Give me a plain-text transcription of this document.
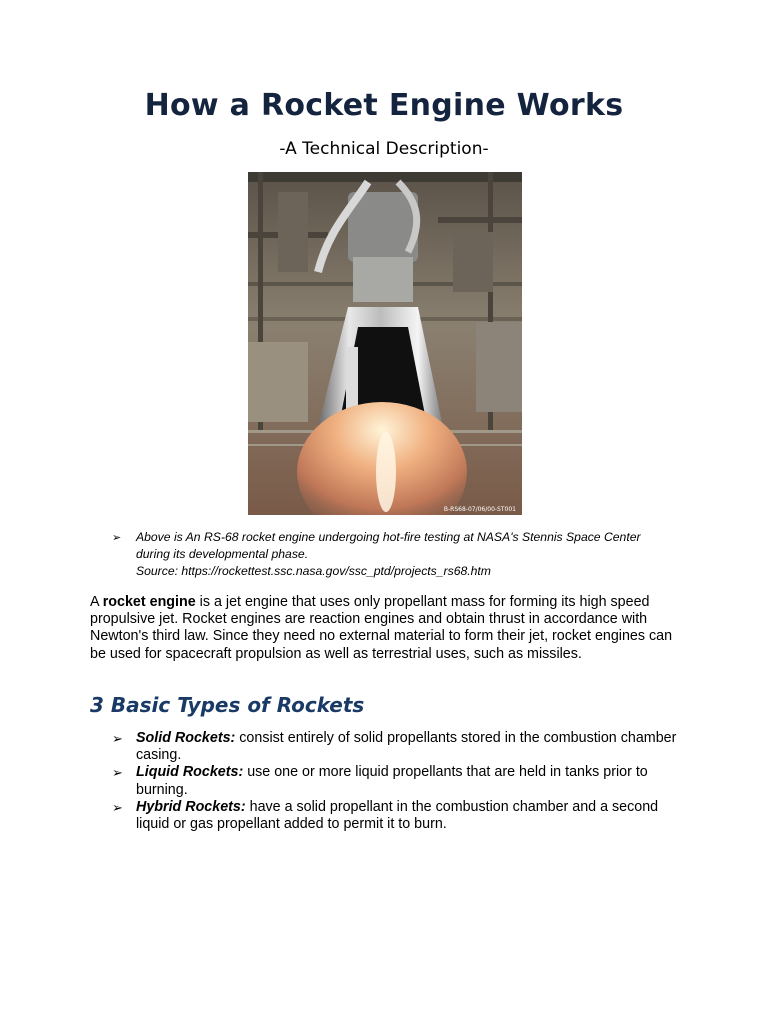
How a Rocket Engine Works

-A Technical Description-

B-RS68-07/06/00-ST001
➢ Above is An RS-68 rocket engine undergoing hot-fire testing at NASA's Stennis Space Center
during its developmental phase.
Source: https://rockettest.ssc.nasa.gov/ssc_ptd/projects_rs68.htm

A rocket engine is a jet engine that uses only propellant mass for forming its high speed propulsive jet. Rocket engines are reaction engines and obtain thrust in accordance with Newton's third law. Since they need no external material to form their jet, rocket engines can be used for spacecraft propulsion as well as terrestrial uses, such as missiles.

3 Basic Types of Rockets
➢ Solid Rockets: consist entirely of solid propellants stored in the combustion chamber casing.
➢ Liquid Rockets: use one or more liquid propellants that are held in tanks prior to burning.
➢ Hybrid Rockets: have a solid propellant in the combustion chamber and a second liquid or gas propellant added to permit it to burn.
